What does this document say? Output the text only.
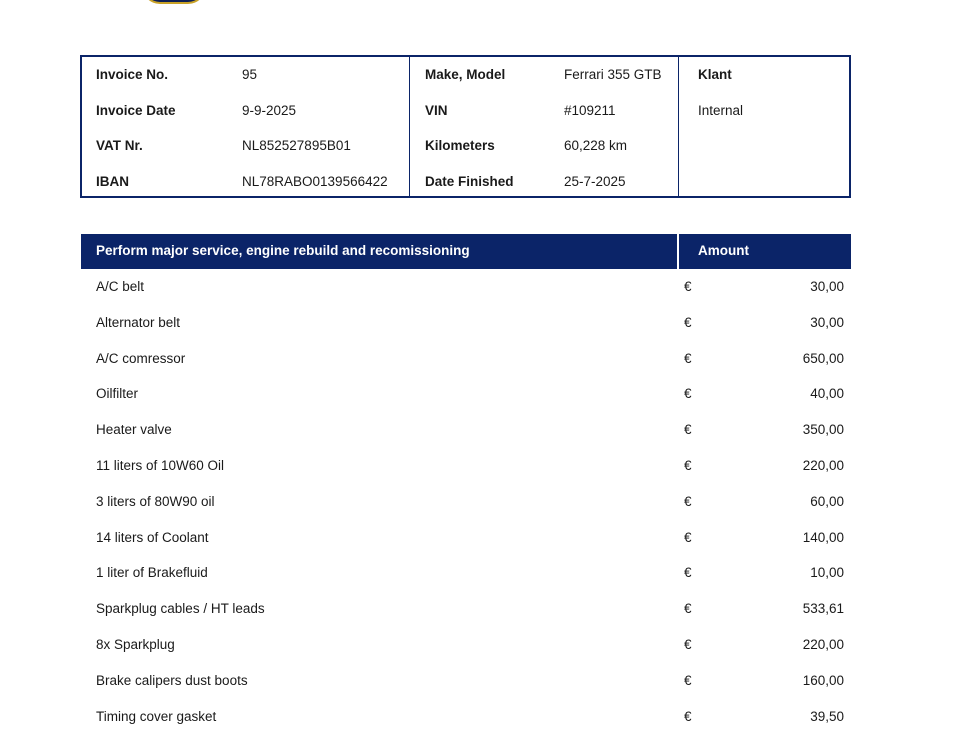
Invoice No.	95
Invoice Date	9-9-2025
VAT Nr.	NL852527895B01
IBAN	NL78RABO0139566422
Make, Model	Ferrari 355 GTB
VIN	#109211
Kilometers	60,228 km
Date Finished	25-7-2025
Klant
Internal
Perform major service, engine rebuild and recomissioning	Amount
A/C belt	€	30,00
Alternator belt	€	30,00
A/C comressor	€	650,00
Oilfilter	€	40,00
Heater valve	€	350,00
11 liters of 10W60 Oil	€	220,00
3 liters of 80W90 oil	€	60,00
14 liters of Coolant	€	140,00
1 liter of Brakefluid	€	10,00
Sparkplug cables / HT leads	€	533,61
8x Sparkplug	€	220,00
Brake calipers dust boots	€	160,00
Timing cover gasket	€	39,50
